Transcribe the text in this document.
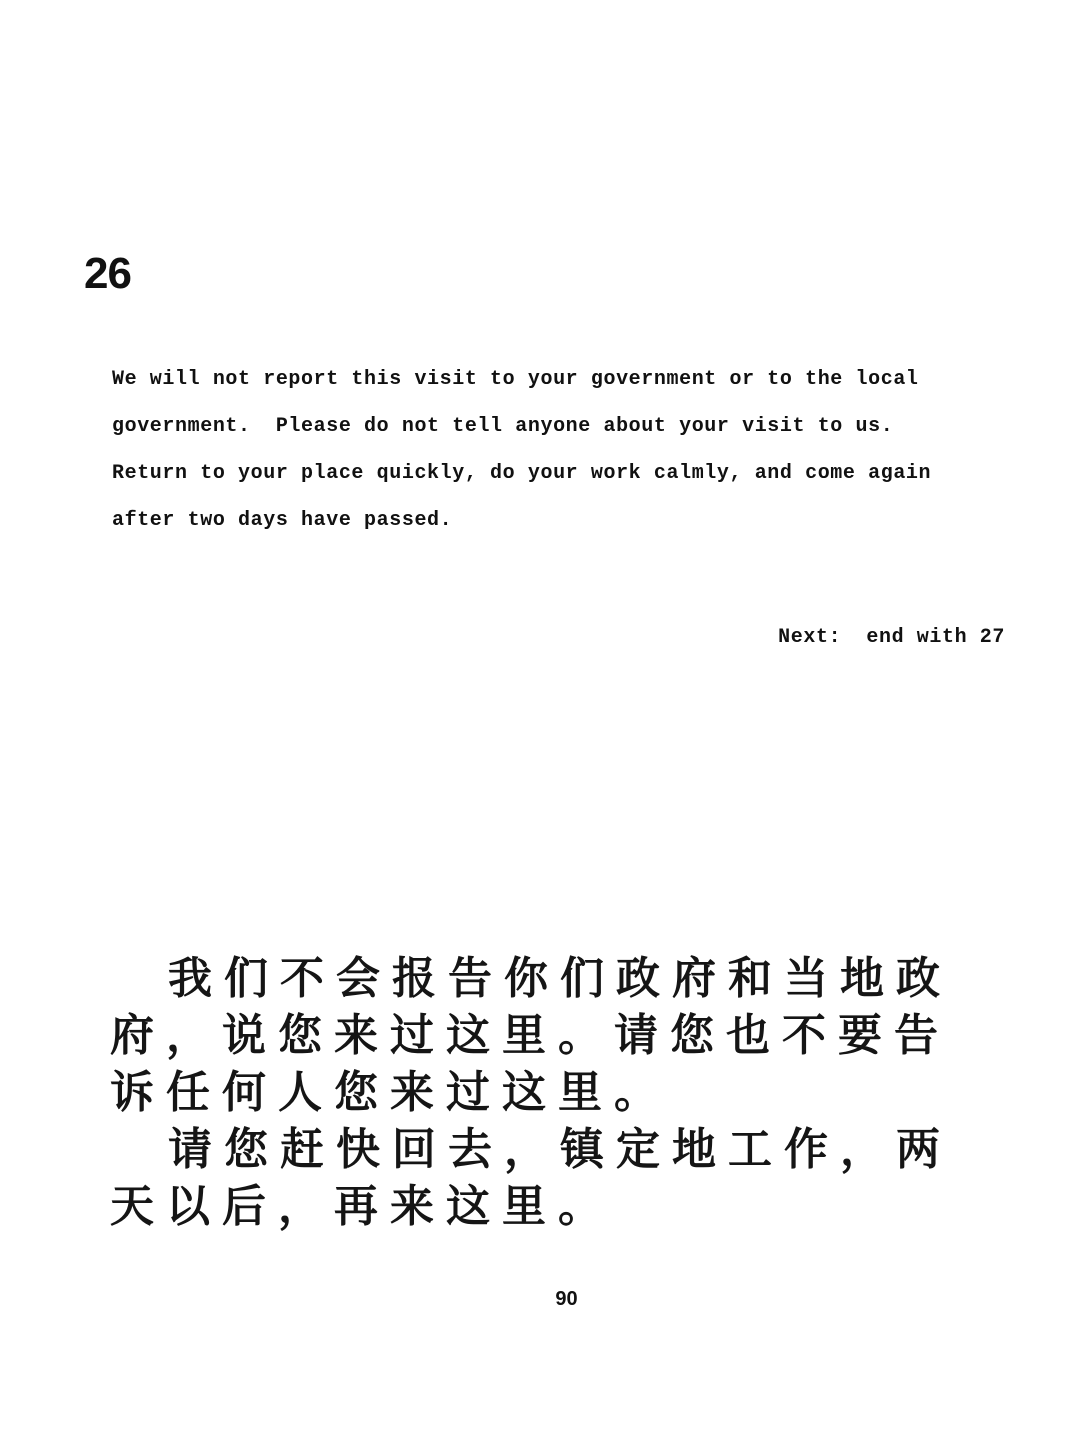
26

We will not report this visit to your government or to the local government.  Please do not tell anyone about your visit to us.

Return to your place quickly, do your work calmly, and come again after two days have passed.

Next:  end with 27

我们不会报告你们政府和当地政府，说您来过这里。请您也不要告诉任何人您来过这里。

请您赶快回去，镇定地工作，两天以后，再来这里。

90
